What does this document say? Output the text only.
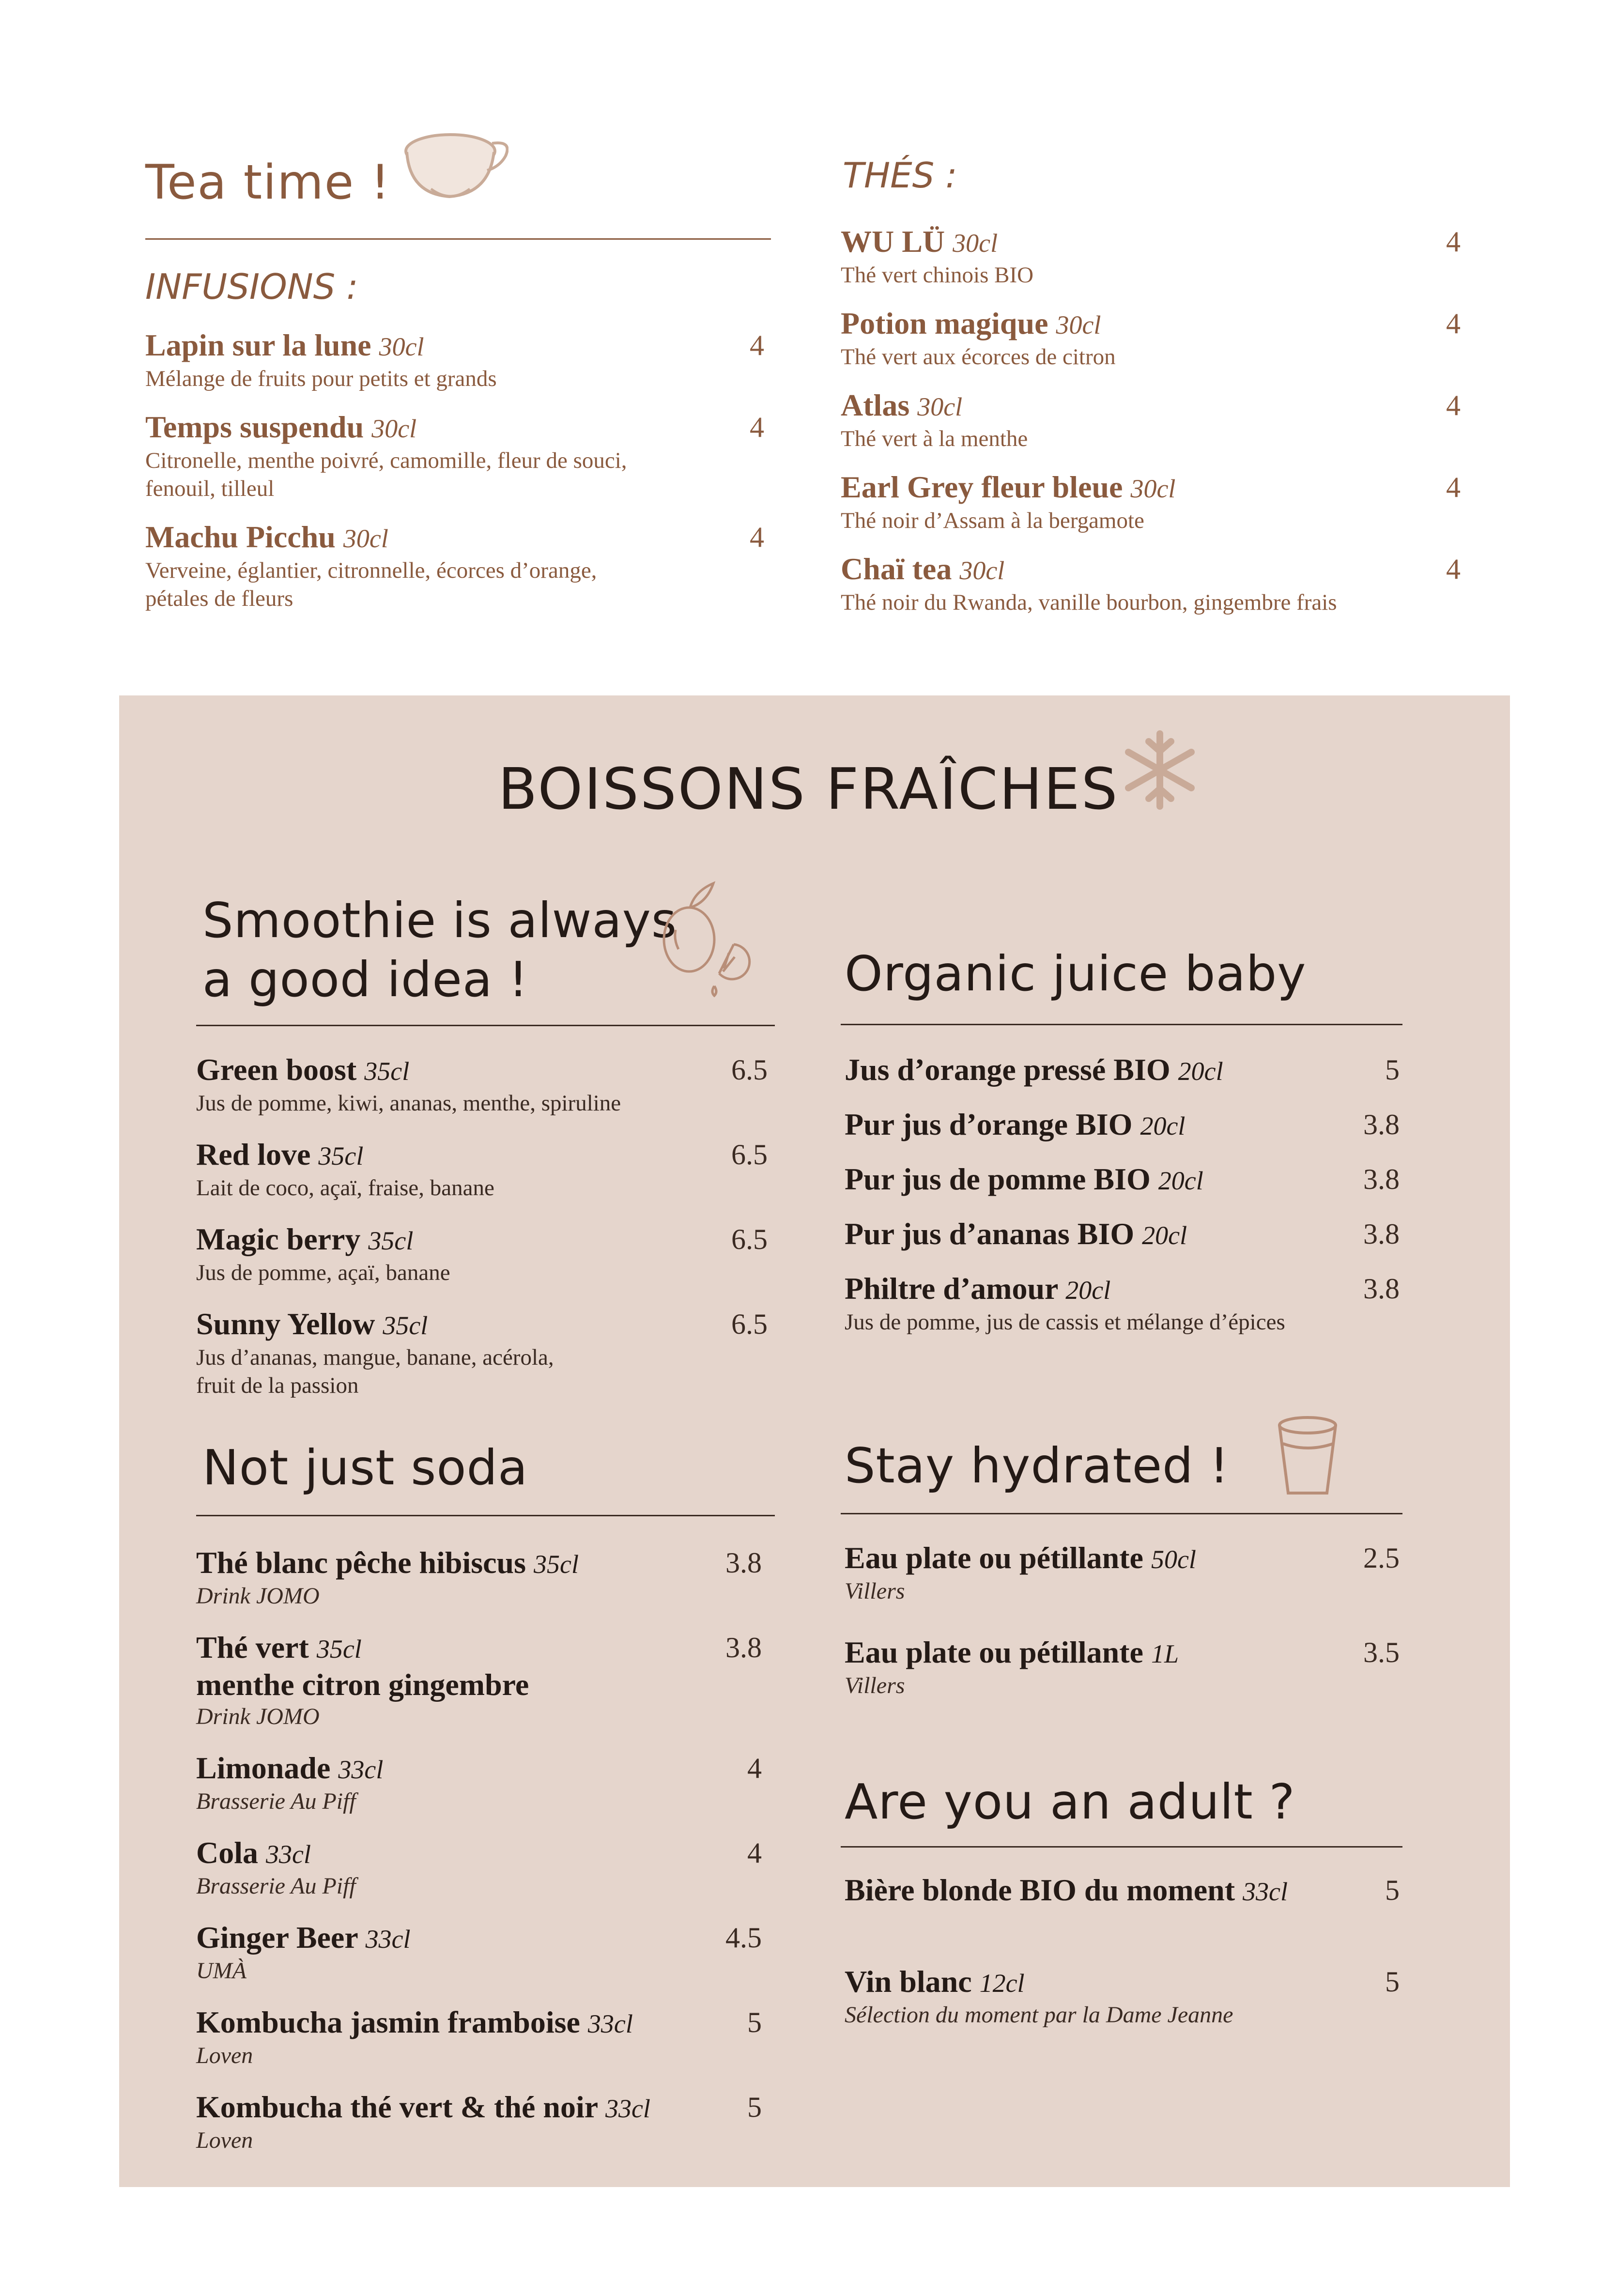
Tea time !
INFUSIONS :
Lapin sur la lune 30cl
Mélange de fruits pour petits et grands
4
Temps suspendu 30cl
Citronelle, menthe poivré, camomille, fleur de souci,
fenouil, tilleul
4
Machu Picchu 30cl
Verveine, églantier, citronnelle, écorces d’orange,
pétales de fleurs
4
THÉS :
WU LÜ 30cl
Thé vert chinois BIO
4
Potion magique 30cl
Thé vert aux écorces de citron
4
Atlas 30cl
Thé vert à la menthe
4
Earl Grey fleur bleue 30cl
Thé noir d’Assam à la bergamote
4
Chaï tea 30cl
Thé noir du Rwanda, vanille bourbon, gingembre frais
4
BOISSONS FRAÎCHES
Smoothie is always
a good idea !
Green boost 35cl
Jus de pomme, kiwi, ananas, menthe, spiruline
6.5
Red love 35cl
Lait de coco, açaï, fraise, banane
6.5
Magic berry 35cl
Jus de pomme, açaï, banane
6.5
Sunny Yellow 35cl
Jus d’ananas, mangue, banane, acérola,
fruit de la passion
6.5
Organic juice baby
Jus d’orange pressé BIO 20cl	5
Pur jus d’orange BIO 20cl	3.8
Pur jus de pomme BIO 20cl	3.8
Pur jus d’ananas BIO 20cl	3.8
Philtre d’amour 20cl
Jus de pomme, jus de cassis et mélange d’épices
3.8
Not just soda
Thé blanc pêche hibiscus 35cl
Drink JOMO
3.8
Thé vert 35cl
menthe citron gingembre
Drink JOMO
3.8
Limonade 33cl
Brasserie Au Piff
4
Cola 33cl
Brasserie Au Piff
4
Ginger Beer 33cl
UMÀ
4.5
Kombucha jasmin framboise 33cl
Loven
5
Kombucha thé vert & thé noir 33cl
Loven
5
Stay hydrated !
Eau plate ou pétillante 50cl
Villers
2.5
Eau plate ou pétillante 1L
Villers
3.5
Are you an adult ?
Bière blonde BIO du moment 33cl	5
Vin blanc 12cl
Sélection du moment par la Dame Jeanne
5
